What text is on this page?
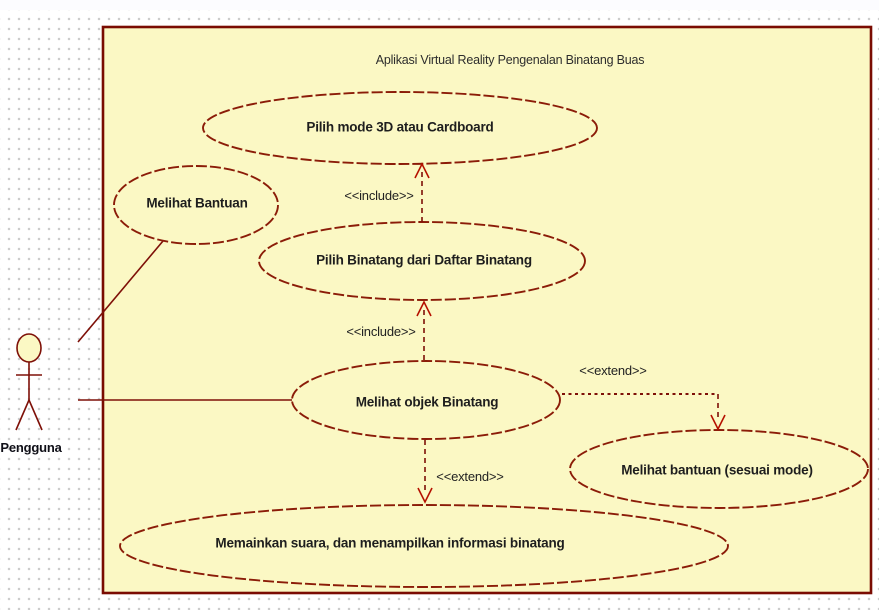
Aplikasi Virtual Reality Pengenalan Binatang Buas
Pilih mode 3D atau Cardboard
Melihat Bantuan
Pilih Binatang dari Daftar Binatang
Melihat objek Binatang
Melihat bantuan (sesuai mode)
Memainkan suara, dan menampilkan informasi binatang
<<include>>
<<include>>
<<extend>>
<<extend>>
Pengguna
